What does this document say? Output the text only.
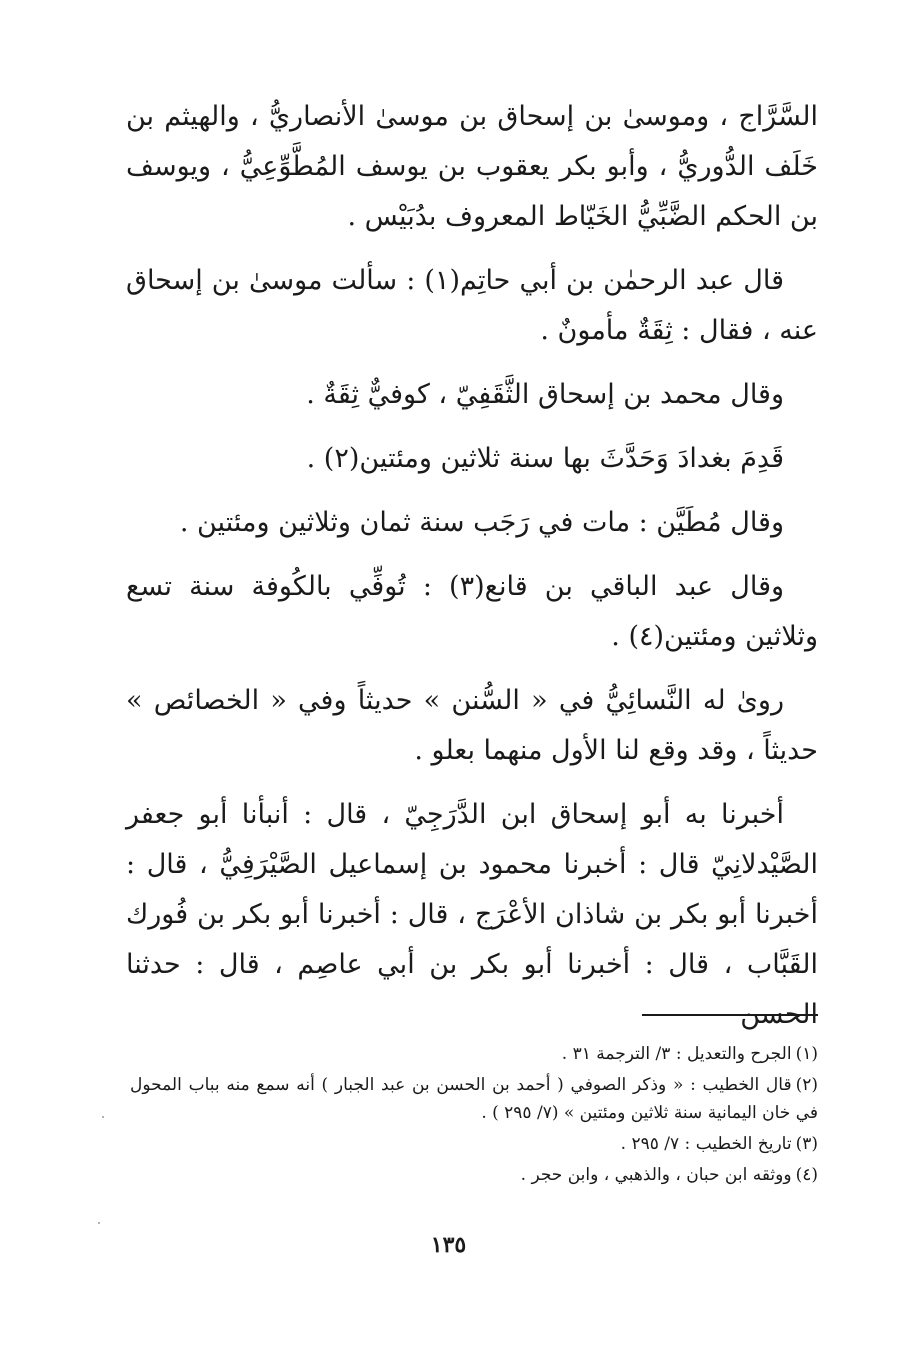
السَّرَّاج ، وموسىٰ بن إسحاق بن موسىٰ الأنصاريُّ ، والهيثم بن خَلَف الدُّوريُّ ، وأبو بكر يعقوب بن يوسف المُطَّوِّعِيُّ ، ويوسف بن الحكم الضَّبِّيُّ الخَيّاط المعروف بدُبَيْس .

قال عبد الرحمٰن بن أبي حاتِم(١) : سألت موسىٰ بن إسحاق عنه ، فقال : ثِقَةٌ مأمونٌ .

وقال محمد بن إسحاق الثَّقَفِيّ ، كوفيٌّ ثِقَةٌ .

قَدِمَ بغدادَ وَحَدَّثَ بها سنة ثلاثين ومئتين(٢) .

وقال مُطَيَّن : مات في رَجَب سنة ثمان وثلاثين ومئتين .

وقال عبد الباقي بن قانع(٣) : تُوفِّي بالكُوفة سنة تسع وثلاثين ومئتين(٤) .

روىٰ له النَّسائِيُّ في « السُّنن » حديثاً وفي « الخصائص » حديثاً ، وقد وقع لنا الأول منهما بعلو .

أخبرنا به أبو إسحاق ابن الدَّرَجِيّ ، قال : أنبأنا أبو جعفر الصَّيْدلانِيّ قال : أخبرنا محمود بن إسماعيل الصَّيْرَفِيُّ ، قال : أخبرنا أبو بكر بن شاذان الأعْرَج ، قال : أخبرنا أبو بكر بن فُورك القَبَّاب ، قال : أخبرنا أبو بكر بن أبي عاصِم ، قال : حدثنا الحسن

(١)الجرح والتعديل : ٣/ الترجمة ٣١ .

(٢)قال الخطيب : « وذكر الصوفي ( أحمد بن الحسن بن عبد الجبار ) أنه سمع منه بباب المحول في خان اليمانية سنة ثلاثين ومئتين » (٧/ ٢٩٥ ) .

(٣)تاريخ الخطيب : ٧/ ٢٩٥ .

(٤)ووثقه ابن حبان ، والذهبي ، وابن حجر .

١٣٥
